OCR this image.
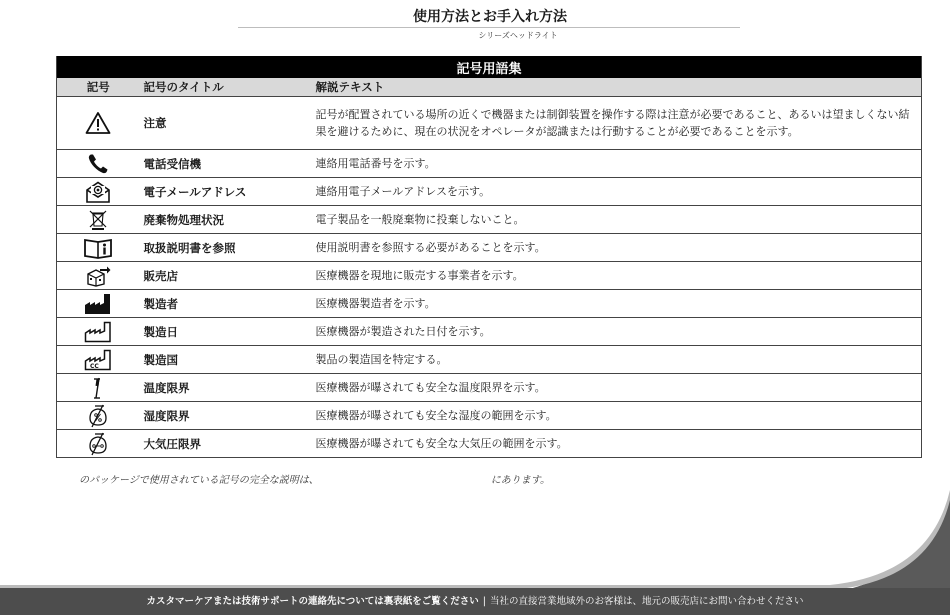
使用方法とお手入れ方法
シリーズヘッドライト
記号用語集		
記号	記号のタイトル	解説テキスト

	注意	記号が配置されている場所の近くで機器または制御装置を操作する際は注意が必要であること、あるいは望ましくない結果を避けるために、現在の状況をオペレータが認識または行動することが必要であることを示す。

	電話受信機	連絡用電話番号を示す。

	電子メールアドレス	連絡用電子メールアドレスを示す。

	廃棄物処理状況	電子製品を一般廃棄物に投棄しないこと。

	取扱説明書を参照	使用説明書を参照する必要があることを示す。

	販売店	医療機器を現地に販売する事業者を示す。

	製造者	医療機器製造者を示す。

	製造日	医療機器が製造された日付を示す。

CC	製造国	製品の製造国を特定する。

	温度限界	医療機器が曝されても安全な温度限界を示す。

	湿度限界	医療機器が曝されても安全な湿度の範囲を示す。

	大気圧限界	医療機器が曝されても安全な大気圧の範囲を示す。
のパッケージで使用されている記号の完全な説明は、	にあります。
カスタマーケアまたは技術サポートの連絡先については裏表紙をご覧ください | 当社の直接営業地域外のお客様は、地元の販売店にお問い合わせください
